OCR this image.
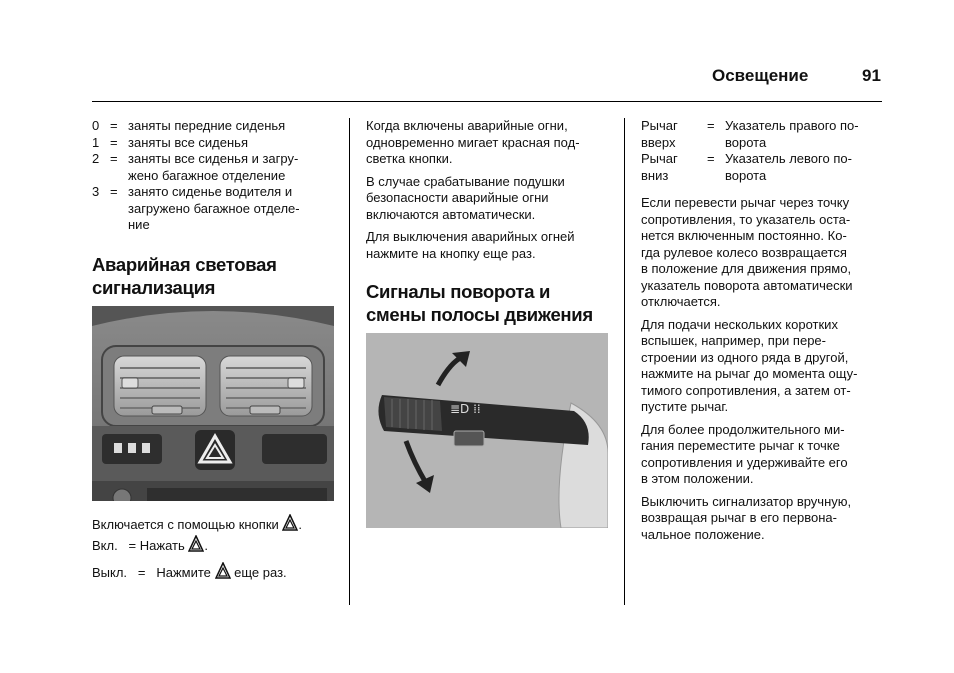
Освещение	91
0 = заняты передние сиденья
1 = заняты все сиденья
2 = заняты все сиденья и загру-
жено багажное отделение
3 = занято сиденье водителя и
загружено багажное отделе-
ние
Аварийная световая
сигнализация
Включается с помощью кнопки .
Вкл. = Нажать .
Выкл. = Нажмите еще раз.

Когда включены аварийные огни,
одновременно мигает красная под-
светка кнопки.

В случае срабатывание подушки
безопасности аварийные огни
включаются автоматически.

Для выключения аварийных огней
нажмите на кнопку еще раз.

Сигналы поворота и
смены полосы движения
≣D ⁞⁞
Рычаг
вверх
= Указатель правого по-
ворота
Рычаг
вниз
= Указатель левого по-
ворота

Если перевести рычаг через точку
сопротивления, то указатель оста-
нется включенным постоянно. Ко-
гда рулевое колесо возвращается
в положение для движения прямо,
указатель поворота автоматически
отключается.

Для подачи нескольких коротких
вспышек, например, при пере-
строении из одного ряда в другой,
нажмите на рычаг до момента ощу-
тимого сопротивления, а затем от-
пустите рычаг.

Для более продолжительного ми-
гания переместите рычаг к точке
сопротивления и удерживайте его
в этом положении.

Выключить сигнализатор вручную,
возвращая рычаг в его первона-
чальное положение.
